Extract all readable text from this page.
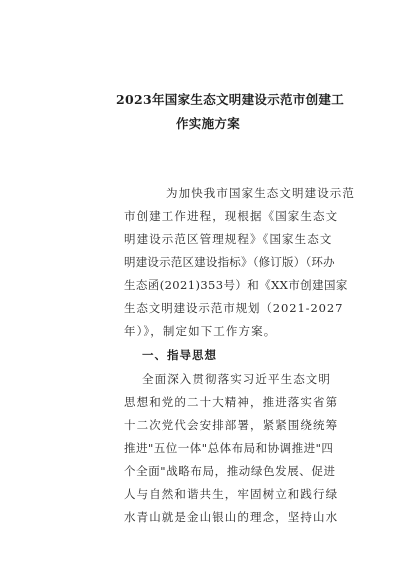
2023年国家生态文明建设示范市创建工
作实施方案
为加快我市国家生态文明建设示范
市创建工作进程，现根据《国家生态文
明建设示范区管理规程》《国家生态文
明建设示范区建设指标》（修订版）（环办
生态函(2021)353号）和《XX市创建国家
生态文明建设示范市规划（2021-2027
年）》，制定如下工作方案。
一、指导思想
全面深入贯彻落实习近平生态文明
思想和党的二十大精神，推进落实省第
十二次党代会安排部署，紧紧围绕统筹
推进"五位一体"总体布局和协调推进"四
个全面"战略布局，推动绿色发展、促进
人与自然和谐共生，牢固树立和践行绿
水青山就是金山银山的理念，坚持山水
